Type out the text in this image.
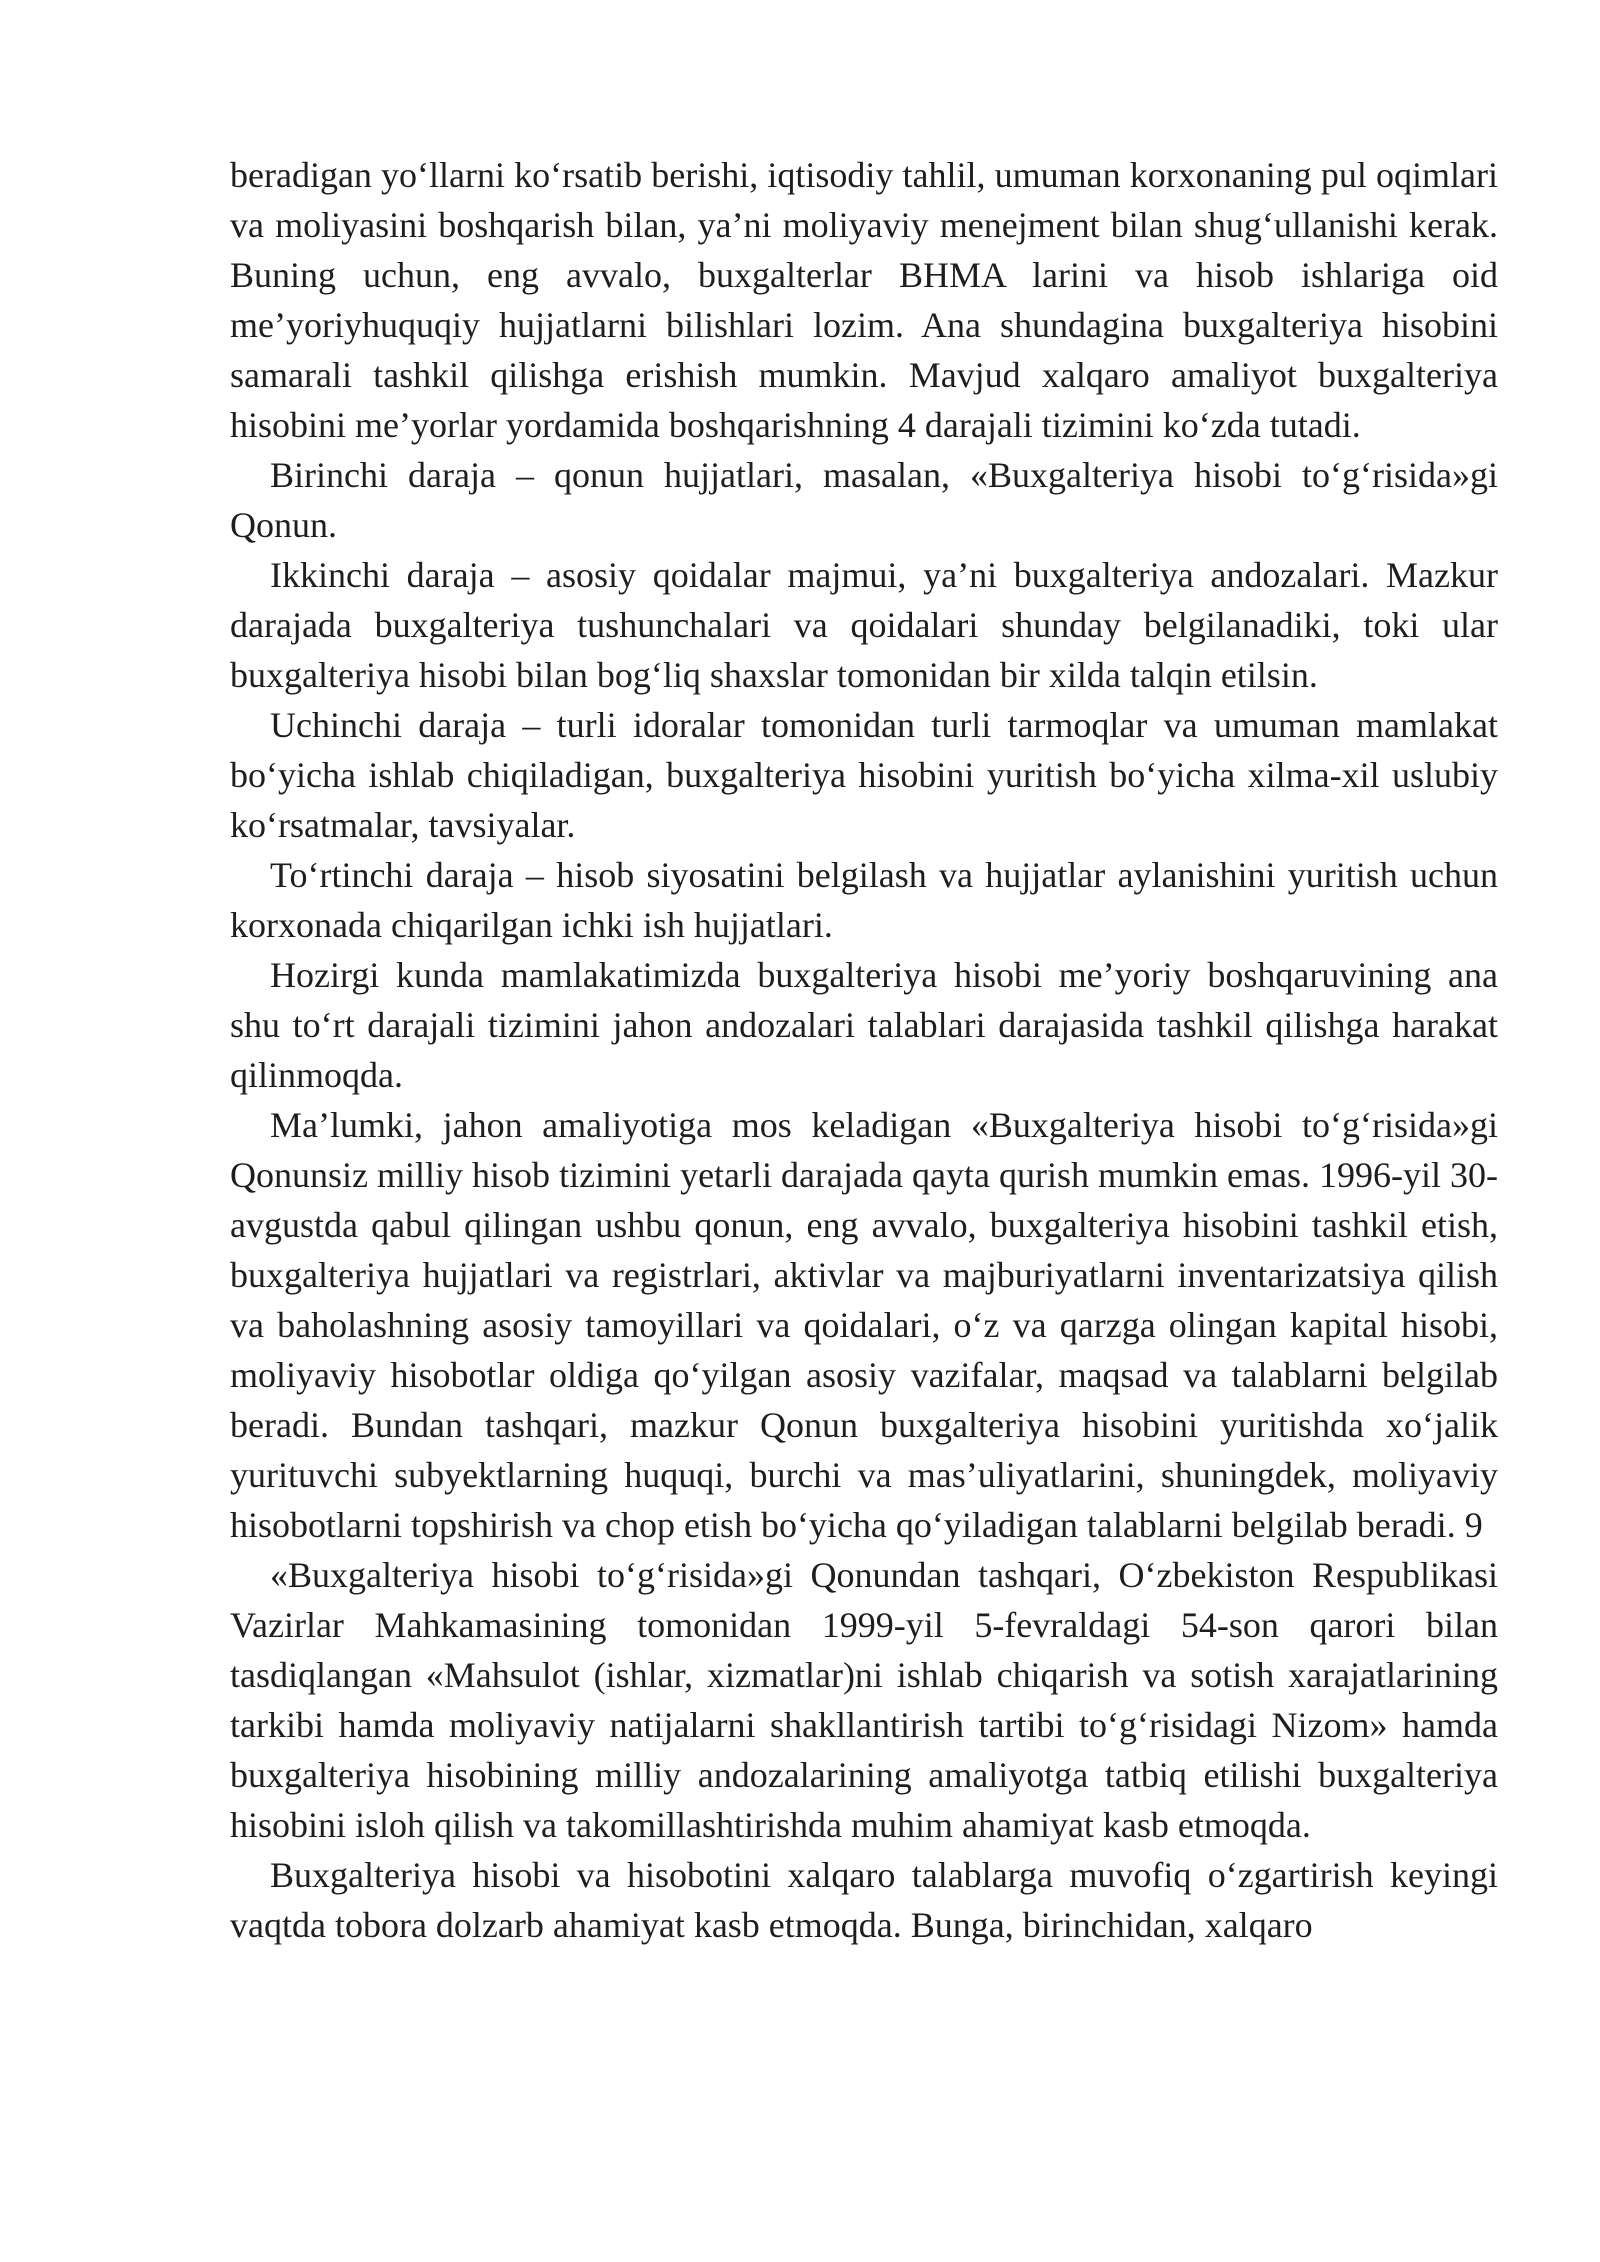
beradigan yo‘llarni ko‘rsatib berishi, iqtisodiy tahlil, umuman korxonaning pul oqimlari va moliyasini boshqarish bilan, ya’ni moliyaviy menejment bilan shug‘ullanishi kerak. Buning uchun, eng avvalo, buxgalterlar BHMA larini va hisob ishlariga oid me’yoriyhuquqiy hujjatlarni bilishlari lozim. Ana shundagina buxgalteriya hisobini samarali tashkil qilishga erishish mumkin. Mavjud xalqaro amaliyot buxgalteriya hisobini me’yorlar yordamida boshqarishning 4 darajali tizimini ko‘zda tutadi.

Birinchi daraja – qonun hujjatlari, masalan, «Buxgalteriya hisobi to‘g‘risida»gi Qonun.

Ikkinchi daraja – asosiy qoidalar majmui, ya’ni buxgalteriya andozalari. Mazkur darajada buxgalteriya tushunchalari va qoidalari shunday belgilanadiki, toki ular buxgalteriya hisobi bilan bog‘liq shaxslar tomonidan bir xilda talqin etilsin.

Uchinchi daraja – turli idoralar tomonidan turli tarmoqlar va umuman mamlakat bo‘yicha ishlab chiqiladigan, buxgalteriya hisobini yuritish bo‘yicha xilma-xil uslubiy ko‘rsatmalar, tavsiyalar.

To‘rtinchi daraja – hisob siyosatini belgilash va hujjatlar aylanishini yuritish uchun korxonada chiqarilgan ichki ish hujjatlari.

Hozirgi kunda mamlakatimizda buxgalteriya hisobi me’yoriy boshqaruvining ana shu to‘rt darajali tizimini jahon andozalari talablari darajasida tashkil qilishga harakat qilinmoqda.

Ma’lumki, jahon amaliyotiga mos keladigan «Buxgalteriya hisobi to‘g‘risida»gi Qonunsiz milliy hisob tizimini yetarli darajada qayta qurish mumkin emas. 1996-yil 30-avgustda qabul qilingan ushbu qonun, eng avvalo, buxgalteriya hisobini tashkil etish, buxgalteriya hujjatlari va registrlari, aktivlar va majburiyatlarni inventarizatsiya qilish va baholashning asosiy tamoyillari va qoidalari, o‘z va qarzga olingan kapital hisobi, moliyaviy hisobotlar oldiga qo‘yilgan asosiy vazifalar, maqsad va talablarni belgilab beradi. Bundan tashqari, mazkur Qonun buxgalteriya hisobini yuritishda xo‘jalik yurituvchi subyektlarning huquqi, burchi va mas’uliyatlarini, shuningdek, moliyaviy hisobotlarni topshirish va chop etish bo‘yicha qo‘yiladigan talablarni belgilab beradi. 9

«Buxgalteriya hisobi to‘g‘risida»gi Qonundan tashqari, O‘zbekiston Respublikasi Vazirlar Mahkamasining tomonidan 1999-yil 5-fevraldagi 54-son qarori bilan tasdiqlangan «Mahsulot (ishlar, xizmatlar)ni ishlab chiqarish va sotish xarajatlarining tarkibi hamda moliyaviy natijalarni shakllantirish tartibi to‘g‘risidagi Nizom» hamda buxgalteriya hisobining milliy andozalarining amaliyotga tatbiq etilishi buxgalteriya hisobini isloh qilish va takomillashtirishda muhim ahamiyat kasb etmoqda.

Buxgalteriya hisobi va hisobotini xalqaro talablarga muvofiq o‘zgartirish keyingi vaqtda tobora dolzarb ahamiyat kasb etmoqda. Bunga, birinchidan, xalqaro
